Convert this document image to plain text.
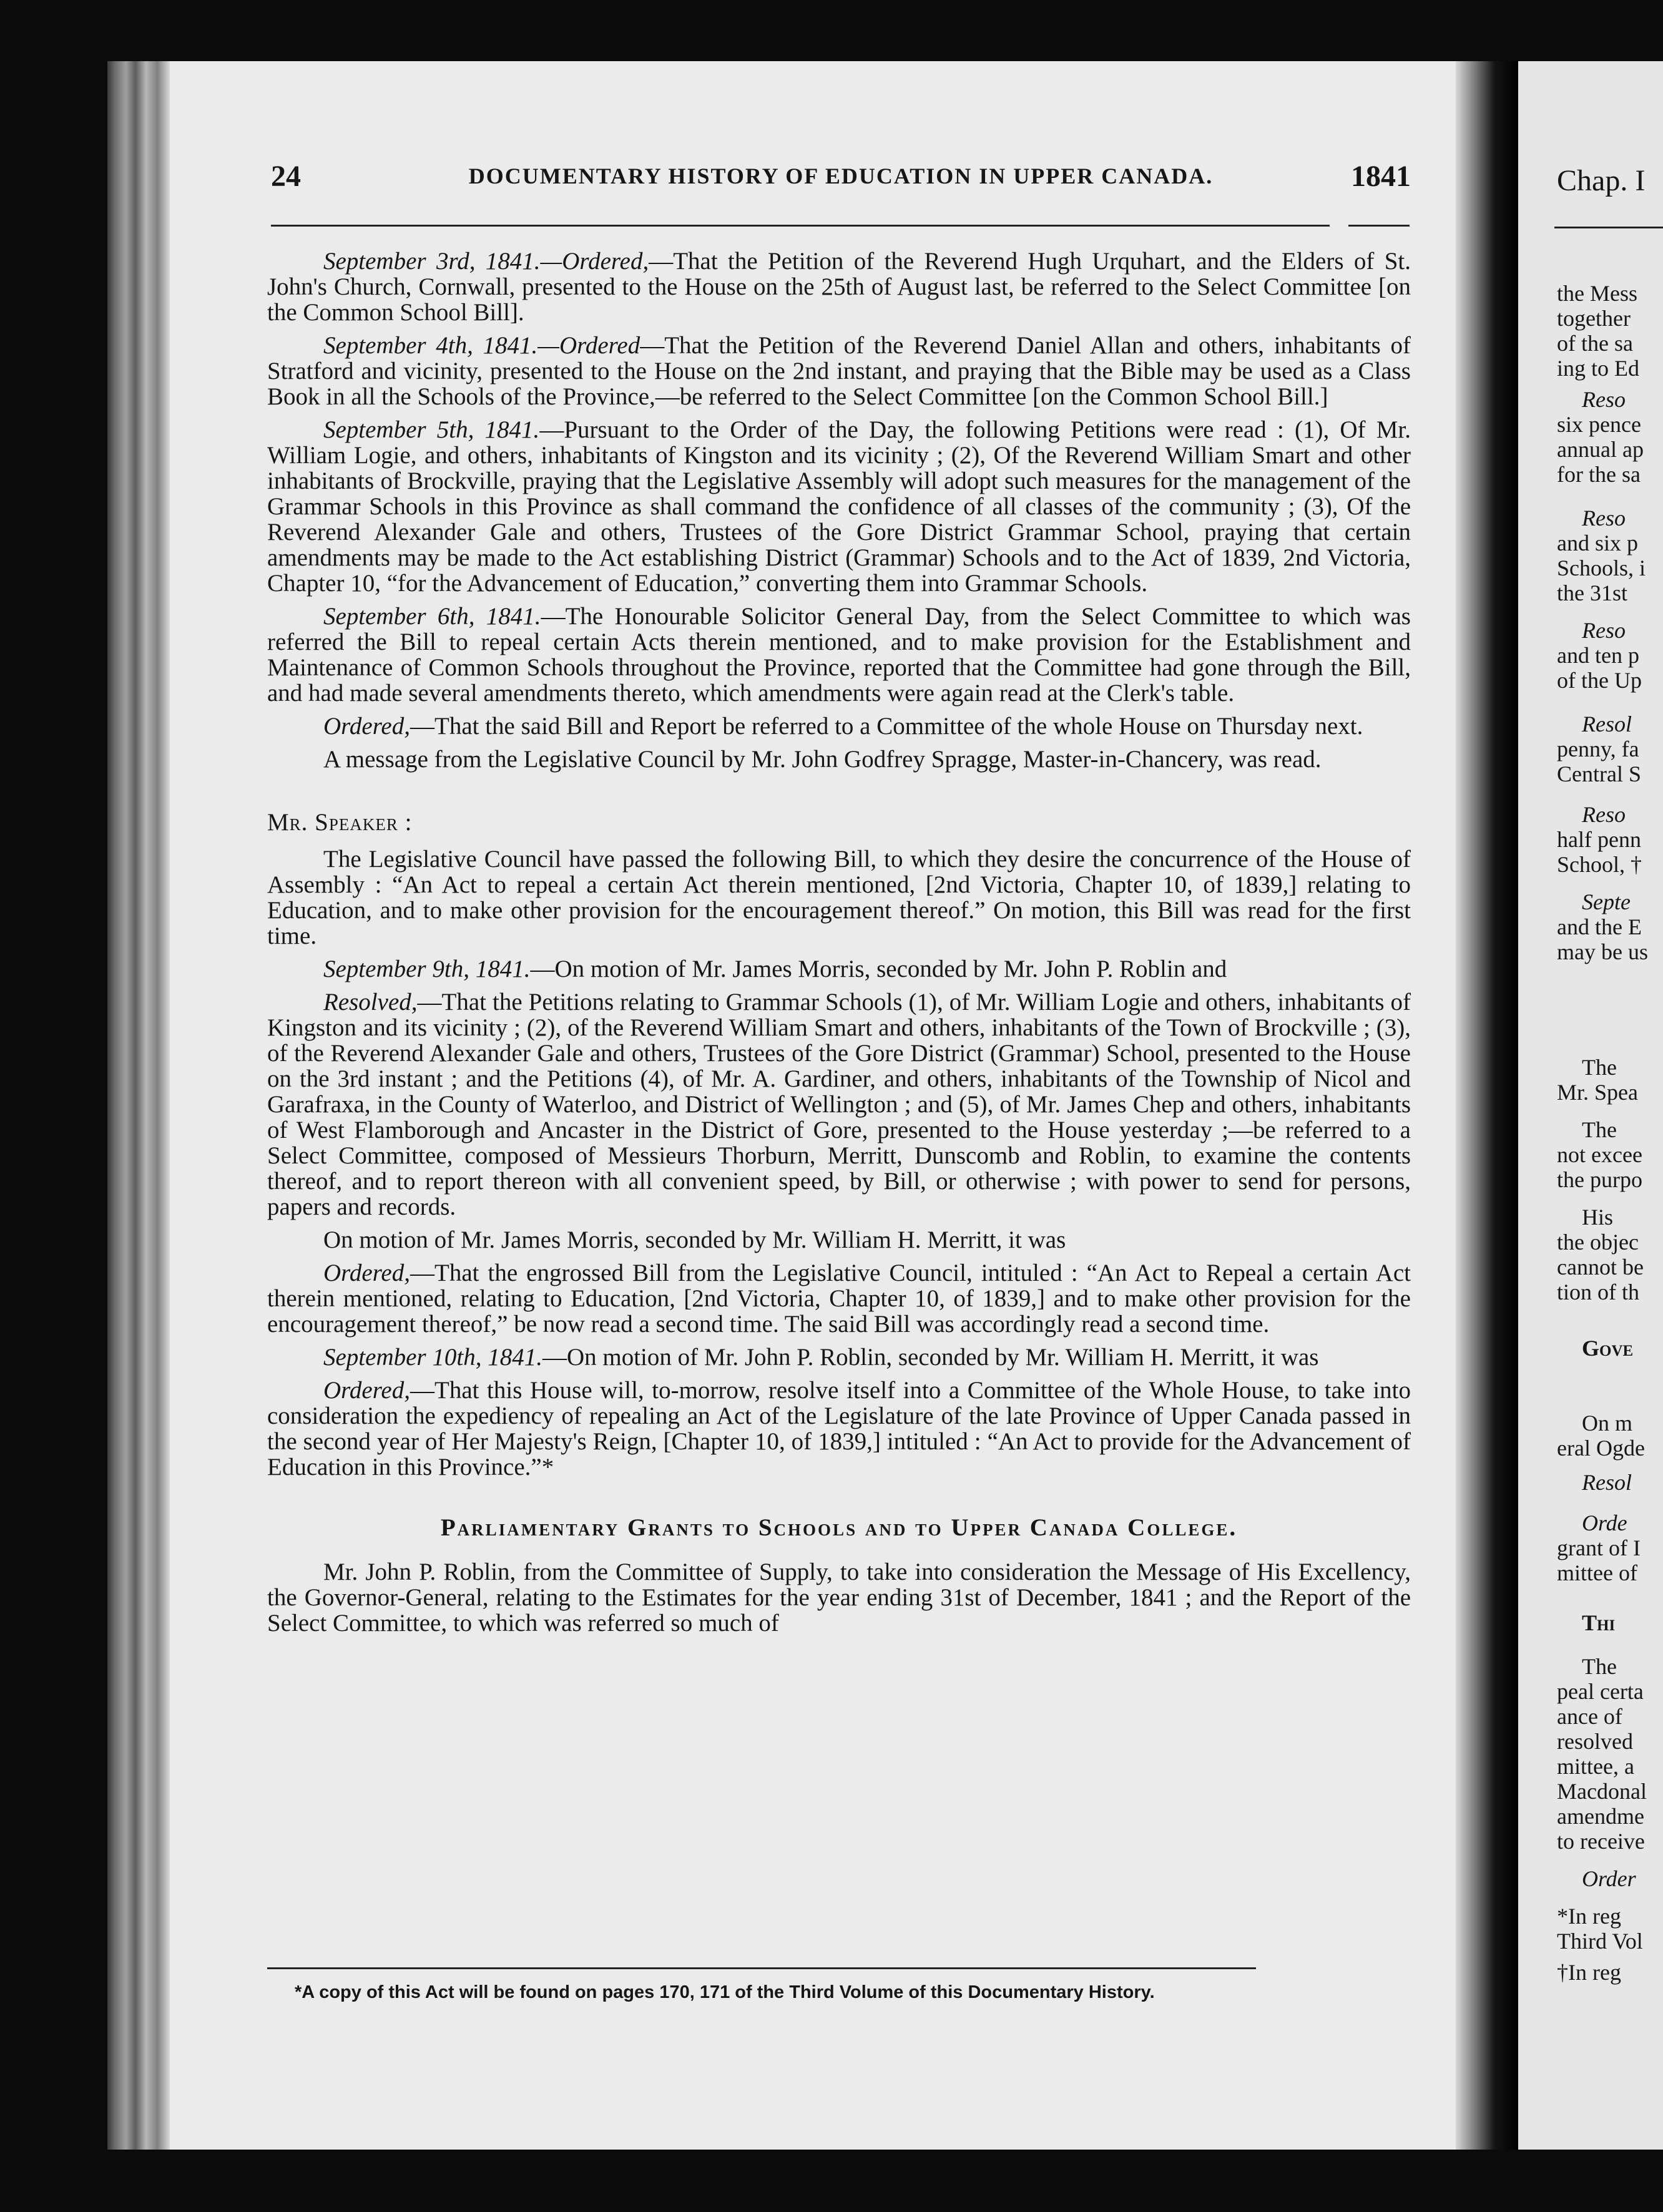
24	DOCUMENTARY HISTORY OF EDUCATION IN UPPER CANADA.	1841

September 3rd, 1841.—Ordered,—That the Petition of the Reverend Hugh Urquhart, and the Elders of St. John's Church, Cornwall, presented to the House on the 25th of August last, be referred to the Select Committee [on the Common School Bill].

September 4th, 1841.—Ordered—That the Petition of the Reverend Daniel Allan and others, inhabitants of Stratford and vicinity, presented to the House on the 2nd instant, and praying that the Bible may be used as a Class Book in all the Schools of the Province,—be referred to the Select Committee [on the Common School Bill.]

September 5th, 1841.—Pursuant to the Order of the Day, the following Petitions were read : (1), Of Mr. William Logie, and others, inhabitants of Kingston and its vicinity ; (2), Of the Reverend William Smart and other inhabitants of Brockville, praying that the Legislative Assembly will adopt such measures for the management of the Grammar Schools in this Province as shall command the confidence of all classes of the community ; (3), Of the Reverend Alexander Gale and others, Trustees of the Gore District Grammar School, praying that certain amendments may be made to the Act establishing District (Grammar) Schools and to the Act of 1839, 2nd Victoria, Chapter 10, “for the Advancement of Education,” converting them into Grammar Schools.

September 6th, 1841.—The Honourable Solicitor General Day, from the Select Committee to which was referred the Bill to repeal certain Acts therein mentioned, and to make provision for the Establishment and Maintenance of Common Schools throughout the Province, reported that the Committee had gone through the Bill, and had made several amendments thereto, which amendments were again read at the Clerk's table.

Ordered,—That the said Bill and Report be referred to a Committee of the whole House on Thursday next.

A message from the Legislative Council by Mr. John Godfrey Spragge, Master-in-Chancery, was read.

Mr. Speaker :

The Legislative Council have passed the following Bill, to which they desire the concurrence of the House of Assembly : “An Act to repeal a certain Act therein mentioned, [2nd Victoria, Chapter 10, of 1839,] relating to Education, and to make other provision for the encouragement thereof.” On motion, this Bill was read for the first time.

September 9th, 1841.—On motion of Mr. James Morris, seconded by Mr. John P. Roblin and

Resolved,—That the Petitions relating to Grammar Schools (1), of Mr. William Logie and others, inhabitants of Kingston and its vicinity ; (2), of the Reverend William Smart and others, inhabitants of the Town of Brockville ; (3), of the Reverend Alexander Gale and others, Trustees of the Gore District (Grammar) School, presented to the House on the 3rd instant ; and the Petitions (4), of Mr. A. Gardiner, and others, inhabitants of the Township of Nicol and Garafraxa, in the County of Waterloo, and District of Wellington ; and (5), of Mr. James Chep and others, inhabitants of West Flamborough and Ancaster in the District of Gore, presented to the House yesterday ;—be referred to a Select Committee, composed of Messieurs Thorburn, Merritt, Dunscomb and Roblin, to examine the contents thereof, and to report thereon with all convenient speed, by Bill, or otherwise ; with power to send for persons, papers and records.

On motion of Mr. James Morris, seconded by Mr. William H. Merritt, it was

Ordered,—That the engrossed Bill from the Legislative Council, intituled : “An Act to Repeal a certain Act therein mentioned, relating to Education, [2nd Victoria, Chapter 10, of 1839,] and to make other provision for the encouragement thereof,” be now read a second time. The said Bill was accordingly read a second time.

September 10th, 1841.—On motion of Mr. John P. Roblin, seconded by Mr. William H. Merritt, it was

Ordered,—That this House will, to-morrow, resolve itself into a Committee of the Whole House, to take into consideration the expediency of repealing an Act of the Legislature of the late Province of Upper Canada passed in the second year of Her Majesty's Reign, [Chapter 10, of 1839,] intituled : “An Act to provide for the Advancement of Education in this Province.”*

Parliamentary Grants to Schools and to Upper Canada College.

Mr. John P. Roblin, from the Committee of Supply, to take into consideration the Message of His Excellency, the Governor-General, relating to the Estimates for the year ending 31st of December, 1841 ; and the Report of the Select Committee, to which was referred so much of

*A copy of this Act will be found on pages 170, 171 of the Third Volume of this Documentary History.
Chap. I
the Mess
together
of the sa
ing to Ed
Reso
six pence
annual ap
for the sa
Reso
and six p
Schools, i
the 31st
Reso
and ten p
of the Up
Resol
penny, fa
Central S
Reso
half penn
School, †
Septe
and the E
may be us
The
Mr. Spea
The
not excee
the purpo
His
the objec
cannot be
tion of th
Gove
On m
eral Ogde
Resol
Orde
grant of I
mittee of
Thi
The
peal certa
ance of
resolved
mittee, a
Macdonal
amendme
to receive
Order
*In reg
Third Vol
†In reg
